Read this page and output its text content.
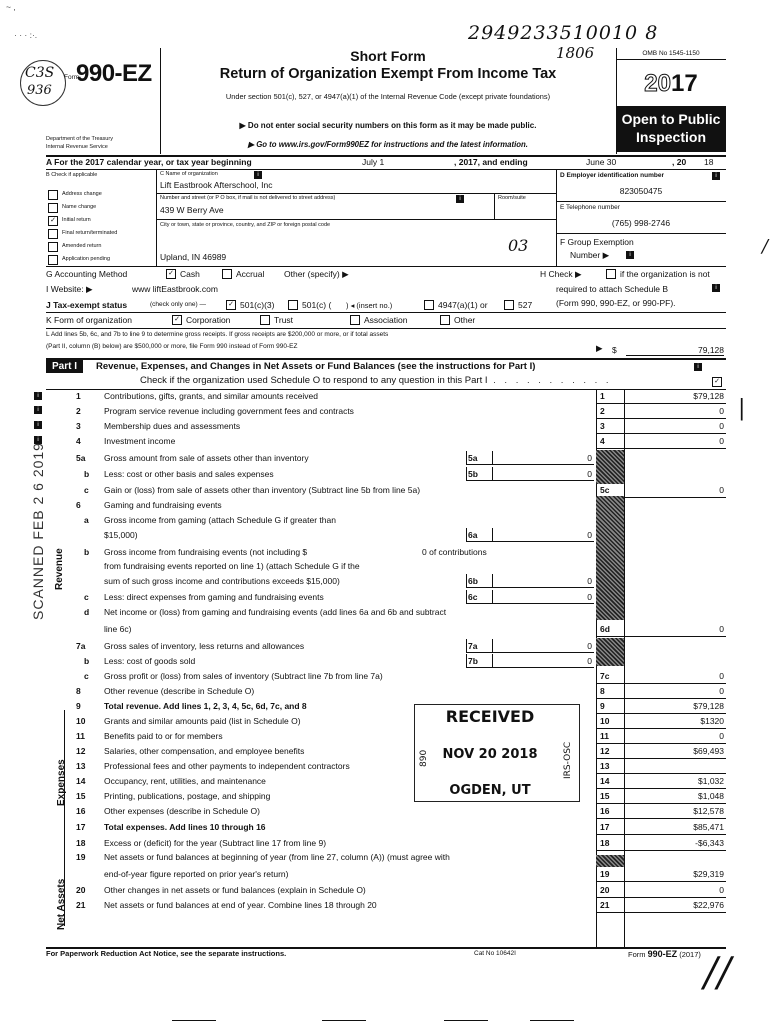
~ ,
· · · :·.	2949233510010 8
1806
C3S
936
Form
990-EZ
Department of the Treasury
Internal Revenue Service
Short Form
Return of Organization Exempt From Income Tax
Under section 501(c), 527, or 4947(a)(1) of the Internal Revenue Code (except private foundations)
▶ Do not enter social security numbers on this form as it may be made public.
▶ Go to www.irs.gov/Form990EZ for instructions and the latest information.
OMB No 1545-1150
2017
Open to Public Inspection
A For the 2017 calendar year, or tax year beginning	July 1	, 2017, and ending	June 30	, 20 18
B Check if applicable
Address change
Name change
✓	Initial return
Final return/terminated
Amended return
Application pending
C Name of organization	i
Lift Eastbrook Afterschool, Inc
Number and street (or P O box, if mail is not delivered to street address)	i	Room/suite
439 W Berry Ave
City or town, state or province, country, and ZIP or foreign postal code
03
Upland, IN 46989
D Employer identification number	i
823050475
E Telephone number
(765) 998-2746
F Group Exemption
Number ▶	i	/
G Accounting Method	✓ Cash	Accrual Other (specify) ▶
I Website: ▶	www liftEastbrook.com
H Check ▶	if the organization is not
required to attach Schedule B	i
(Form 990, 990-EZ, or 990-PF).
J Tax-exempt status	(check only one) —	✓ 501(c)(3)	501(c) ( ) ◂ (insert no.)	4947(a)(1) or	527
K Form of organization	✓ Corporation	Trust	Association	Other
L Add lines 5b, 6c, and 7b to line 9 to determine gross receipts. If gross receipts are $200,000 or more, or if total assets
(Part II, column (B) below) are $500,000 or more, file Form 990 instead of Form 990-EZ	▶ $	79,128
Part I	Revenue, Expenses, and Changes in Net Assets or Fund Balances (see the instructions for Part I)	i
Check if the organization used Schedule O to respond to any question in this Part I . . . . . . . . . . .	✓
i
i
i
i
Revenue
Expenses
Net Assets
SCANNED FEB 2 6 2019
1	Contributions, gifts, grants, and similar amounts received	1	$79,128
2	Program service revenue including government fees and contracts	2	0
3	Membership dues and assessments	3	0
4	Investment income	4	0
5a Gross amount from sale of assets other than inventory	5a	0
b Less: cost or other basis and sales expenses	5b	0
c Gain or (loss) from sale of assets other than inventory (Subtract line 5b from line 5a)	5c	0
6	Gaming and fundraising events
a Gross income from gaming (attach Schedule G if greater than
$15,000)	6a	0
b Gross income from fundraising events (not including $	0 of contributions
from fundraising events reported on line 1) (attach Schedule G if the
sum of such gross income and contributions exceeds $15,000)	6b	0
c Less: direct expenses from gaming and fundraising events	6c	0
d Net income or (loss) from gaming and fundraising events (add lines 6a and 6b and subtract
line 6c)	6d	0
7a Gross sales of inventory, less returns and allowances	7a	0
b Less: cost of goods sold	7b	0
c Gross profit or (loss) from sales of inventory (Subtract line 7b from line 7a)	7c	0
8	Other revenue (describe in Schedule O)	8	0
9	Total revenue. Add lines 1, 2, 3, 4, 5c, 6d, 7c, and 8	9	$79,128
10 Grants and similar amounts paid (list in Schedule O)	10	$1320
11 Benefits paid to or for members	11	0
12 Salaries, other compensation, and employee benefits	12	$69,493
13 Professional fees and other payments to independent contractors	13
14 Occupancy, rent, utilities, and maintenance	14	$1,032
15 Printing, publications, postage, and shipping	15	$1,048
16 Other expenses (describe in Schedule O)	16	$12,578
17 Total expenses. Add lines 10 through 16	17	$85,471
18 Excess or (deficit) for the year (Subtract line 17 from line 9)	18	-$6,343
19 Net assets or fund balances at beginning of year (from line 27, column (A)) (must agree with
end-of-year figure reported on prior year's return)	19	$29,319
20 Other changes in net assets or fund balances (explain in Schedule O)	20	0
21 Net assets or fund balances at end of year. Combine lines 18 through 20	21	$22,976
RECEIVED
NOV 20 2018
OGDEN, UT
IRS-OSC
890
For Paperwork Reduction Act Notice, see the separate instructions.	Cat No 10642I	Form 990-EZ (2017)
|
//
